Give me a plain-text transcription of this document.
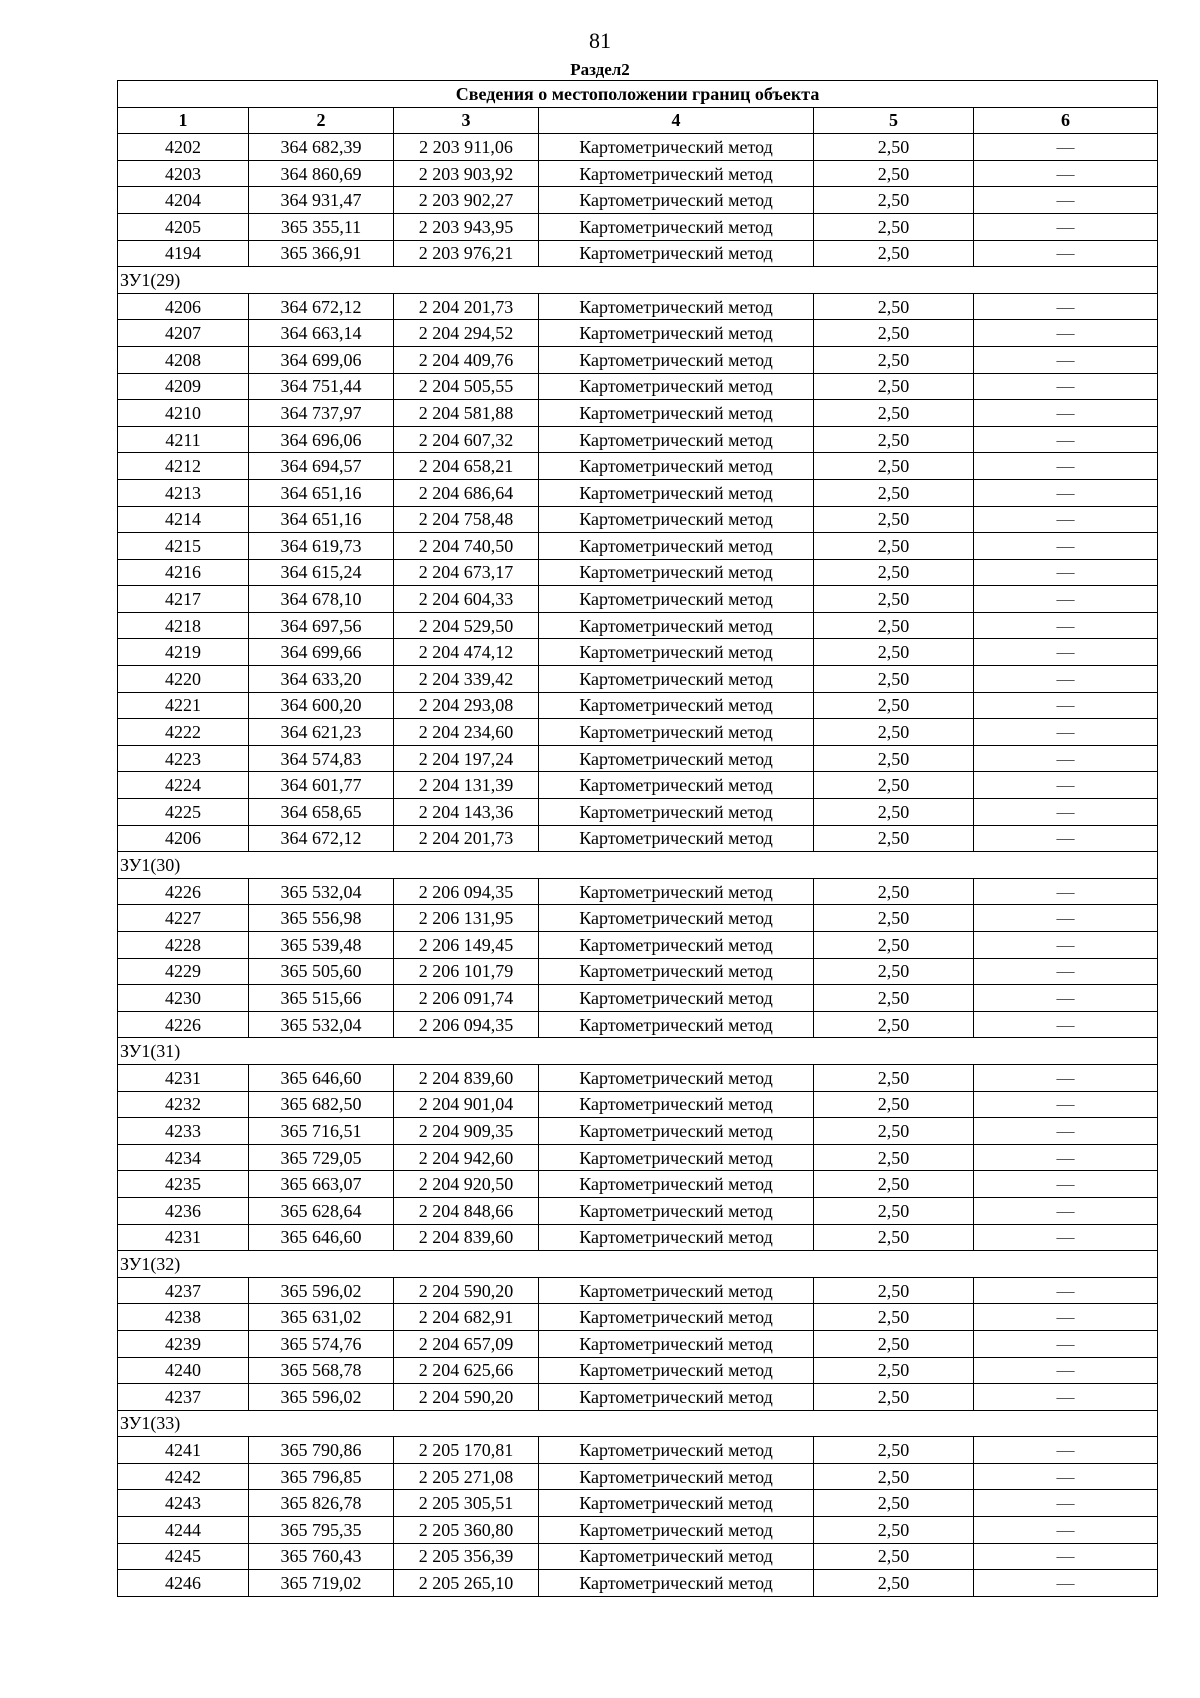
81
Раздел2
Сведения о местоположении границ объекта					
1	2	3	4	5	6
4202	364 682,39	2 203 911,06	Картометрический метод	2,50	—
4203	364 860,69	2 203 903,92	Картометрический метод	2,50	—
4204	364 931,47	2 203 902,27	Картометрический метод	2,50	—
4205	365 355,11	2 203 943,95	Картометрический метод	2,50	—
4194	365 366,91	2 203 976,21	Картометрический метод	2,50	—
ЗУ1(29)					
4206	364 672,12	2 204 201,73	Картометрический метод	2,50	—
4207	364 663,14	2 204 294,52	Картометрический метод	2,50	—
4208	364 699,06	2 204 409,76	Картометрический метод	2,50	—
4209	364 751,44	2 204 505,55	Картометрический метод	2,50	—
4210	364 737,97	2 204 581,88	Картометрический метод	2,50	—
4211	364 696,06	2 204 607,32	Картометрический метод	2,50	—
4212	364 694,57	2 204 658,21	Картометрический метод	2,50	—
4213	364 651,16	2 204 686,64	Картометрический метод	2,50	—
4214	364 651,16	2 204 758,48	Картометрический метод	2,50	—
4215	364 619,73	2 204 740,50	Картометрический метод	2,50	—
4216	364 615,24	2 204 673,17	Картометрический метод	2,50	—
4217	364 678,10	2 204 604,33	Картометрический метод	2,50	—
4218	364 697,56	2 204 529,50	Картометрический метод	2,50	—
4219	364 699,66	2 204 474,12	Картометрический метод	2,50	—
4220	364 633,20	2 204 339,42	Картометрический метод	2,50	—
4221	364 600,20	2 204 293,08	Картометрический метод	2,50	—
4222	364 621,23	2 204 234,60	Картометрический метод	2,50	—
4223	364 574,83	2 204 197,24	Картометрический метод	2,50	—
4224	364 601,77	2 204 131,39	Картометрический метод	2,50	—
4225	364 658,65	2 204 143,36	Картометрический метод	2,50	—
4206	364 672,12	2 204 201,73	Картометрический метод	2,50	—
ЗУ1(30)					
4226	365 532,04	2 206 094,35	Картометрический метод	2,50	—
4227	365 556,98	2 206 131,95	Картометрический метод	2,50	—
4228	365 539,48	2 206 149,45	Картометрический метод	2,50	—
4229	365 505,60	2 206 101,79	Картометрический метод	2,50	—
4230	365 515,66	2 206 091,74	Картометрический метод	2,50	—
4226	365 532,04	2 206 094,35	Картометрический метод	2,50	—
ЗУ1(31)					
4231	365 646,60	2 204 839,60	Картометрический метод	2,50	—
4232	365 682,50	2 204 901,04	Картометрический метод	2,50	—
4233	365 716,51	2 204 909,35	Картометрический метод	2,50	—
4234	365 729,05	2 204 942,60	Картометрический метод	2,50	—
4235	365 663,07	2 204 920,50	Картометрический метод	2,50	—
4236	365 628,64	2 204 848,66	Картометрический метод	2,50	—
4231	365 646,60	2 204 839,60	Картометрический метод	2,50	—
ЗУ1(32)					
4237	365 596,02	2 204 590,20	Картометрический метод	2,50	—
4238	365 631,02	2 204 682,91	Картометрический метод	2,50	—
4239	365 574,76	2 204 657,09	Картометрический метод	2,50	—
4240	365 568,78	2 204 625,66	Картометрический метод	2,50	—
4237	365 596,02	2 204 590,20	Картометрический метод	2,50	—
ЗУ1(33)					
4241	365 790,86	2 205 170,81	Картометрический метод	2,50	—
4242	365 796,85	2 205 271,08	Картометрический метод	2,50	—
4243	365 826,78	2 205 305,51	Картометрический метод	2,50	—
4244	365 795,35	2 205 360,80	Картометрический метод	2,50	—
4245	365 760,43	2 205 356,39	Картометрический метод	2,50	—
4246	365 719,02	2 205 265,10	Картометрический метод	2,50	—
